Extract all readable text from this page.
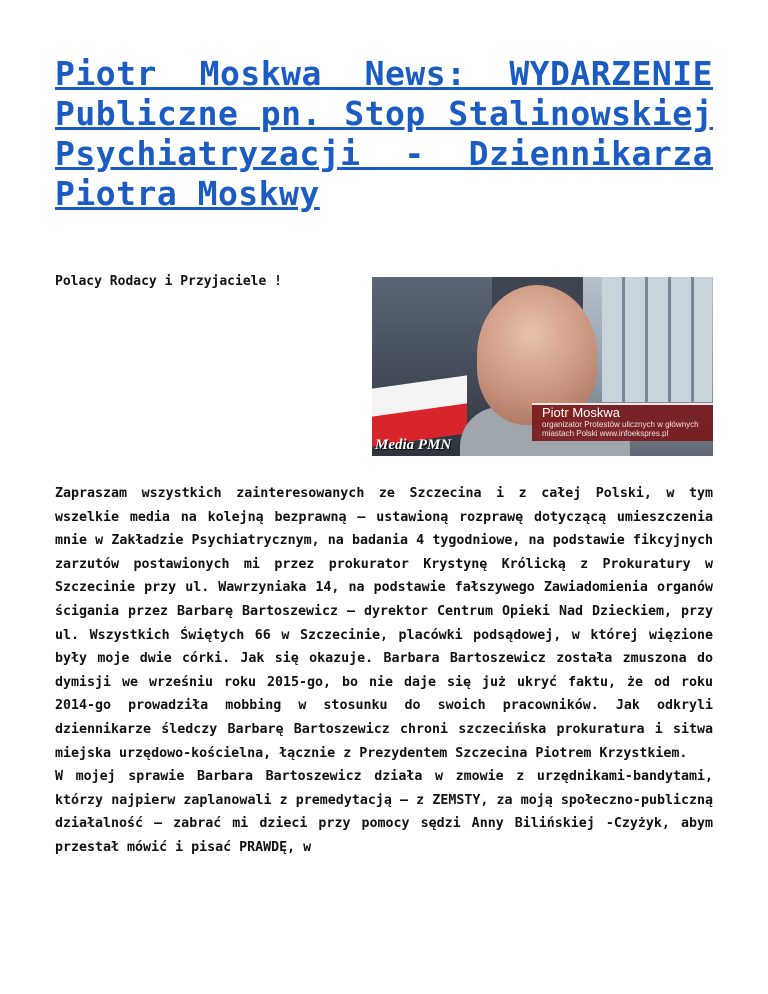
Piotr Moskwa News: WYDARZENIE Publiczne pn. Stop Stalinowskiej Psychiatryzacji - Dziennikarza Piotra Moskwy
Polacy Rodacy i Przyjaciele !
Piotr Moskwa
organizator Protestów ulicznych w głównych miastach Polski www.infoekspres.pl
Media PMN

Zapraszam wszystkich zainteresowanych ze Szczecina i z całej Polski, w tym wszelkie media na kolejną bezprawną – ustawioną rozprawę dotyczącą umieszczenia mnie w Zakładzie Psychiatrycznym, na badania 4 tygodniowe, na podstawie fikcyjnych zarzutów postawionych mi przez prokurator Krystynę Królicką z Prokuratury w Szczecinie przy ul. Wawrzyniaka 14, na podstawie fałszywego Zawiadomienia organów ścigania przez Barbarę Bartoszewicz – dyrektor Centrum Opieki Nad Dzieckiem, przy ul. Wszystkich Świętych 66 w Szczecinie, placówki podsądowej, w której więzione były moje dwie córki. Jak się okazuje. Barbara Bartoszewicz została zmuszona do dymisji we wrześniu roku 2015-go, bo nie daje się już ukryć faktu, że od roku 2014-go prowadziła mobbing w stosunku do swoich pracowników. Jak odkryli dziennikarze śledczy Barbarę Bartoszewicz chroni szczecińska prokuratura i sitwa miejska urzędowo-kościelna, łącznie z Prezydentem Szczecina Piotrem Krzystkiem.

W mojej sprawie Barbara Bartoszewicz działa w zmowie z urzędnikami-bandytami, którzy najpierw zaplanowali z premedytacją – z ZEMSTY, za moją społeczno-publiczną działalność – zabrać mi dzieci przy pomocy sędzi Anny Bilińskiej -Czyżyk, abym przestał mówić i pisać PRAWDĘ, w
